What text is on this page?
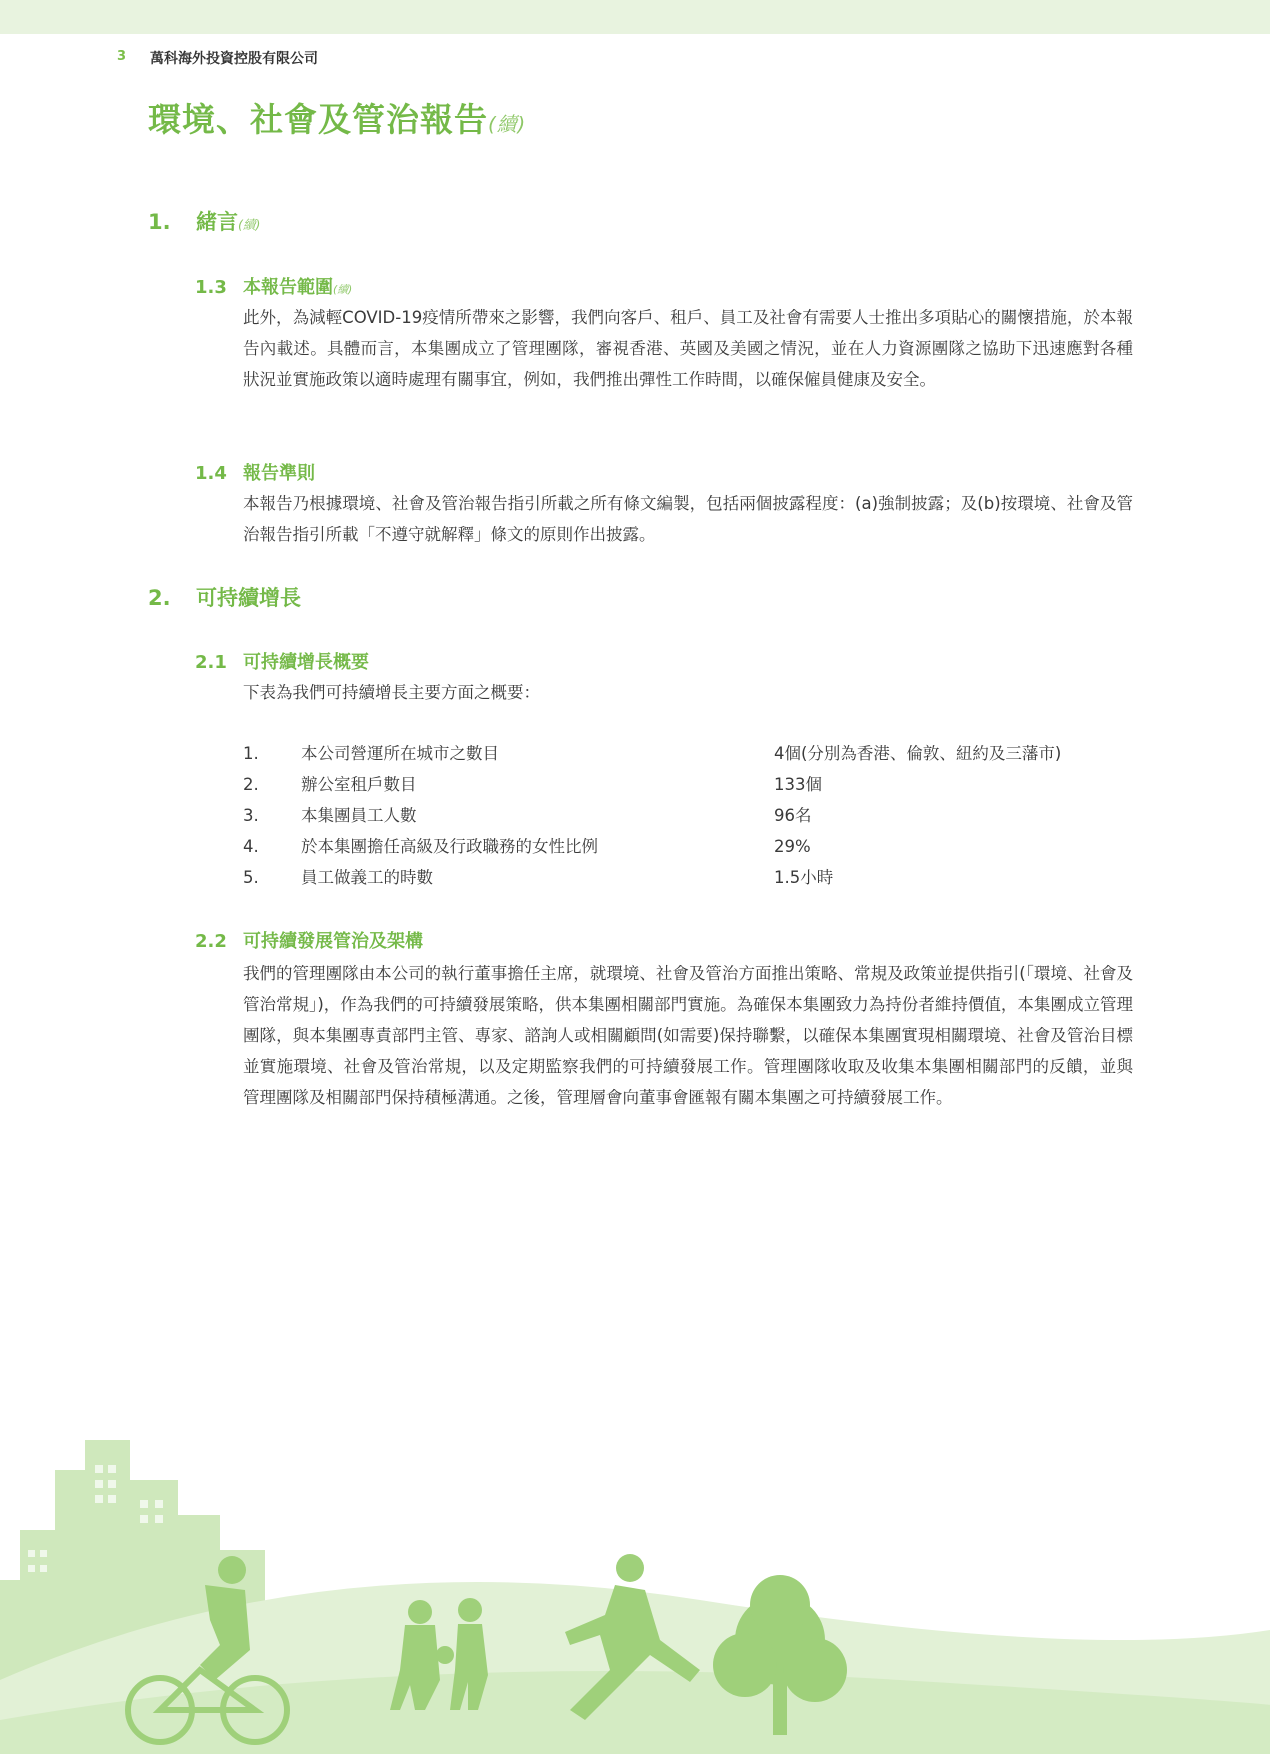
3 萬科海外投資控股有限公司
環境、社會及管治報告(續)
1. 緒言(續)
1.3 本報告範圍(續)

此外，為減輕COVID-19疫情所帶來之影響，我們向客戶、租戶、員工及社會有需要人士推出多項貼心的關懷措施，於本報告內載述。具體而言，本集團成立了管理團隊，審視香港、英國及美國之情況，並在人力資源團隊之協助下迅速應對各種狀況並實施政策以適時處理有關事宜，例如，我們推出彈性工作時間，以確保僱員健康及安全。

1.4 報告準則

本報告乃根據環境、社會及管治報告指引所載之所有條文編製，包括兩個披露程度：(a)強制披露；及(b)按環境、社會及管治報告指引所載「不遵守就解釋」條文的原則作出披露。

2. 可持續增長
2.1 可持續增長概要

下表為我們可持續增長主要方面之概要：

1.	本公司營運所在城市之數目	4個(分別為香港、倫敦、紐約及三藩市)
2.	辦公室租戶數目	133個
3.	本集團員工人數	96名
4.	於本集團擔任高級及行政職務的女性比例	29%
5.	員工做義工的時數	1.5小時
2.2 可持續發展管治及架構

我們的管理團隊由本公司的執行董事擔任主席，就環境、社會及管治方面推出策略、常規及政策並提供指引(「環境、社會及管治常規」)，作為我們的可持續發展策略，供本集團相關部門實施。為確保本集團致力為持份者維持價值，本集團成立管理團隊，與本集團專責部門主管、專家、諮詢人或相關顧問(如需要)保持聯繫，以確保本集團實現相關環境、社會及管治目標並實施環境、社會及管治常規，以及定期監察我們的可持續發展工作。管理團隊收取及收集本集團相關部門的反饋，並與管理團隊及相關部門保持積極溝通。之後，管理層會向董事會匯報有關本集團之可持續發展工作。
